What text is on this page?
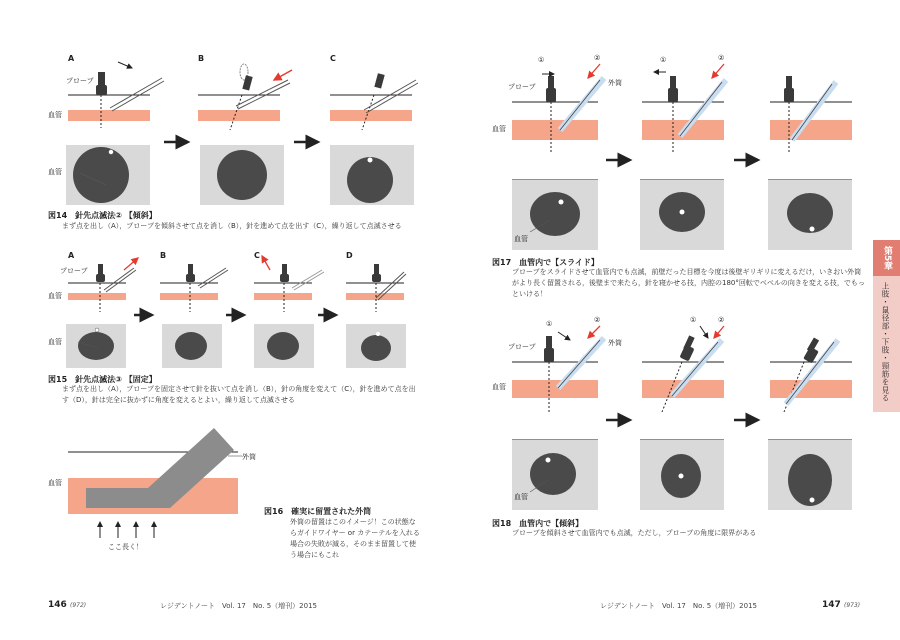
A	B	C
プローブ
血管
血管
図14　針先点滅法② 【傾斜】
まず点を出し（A），プローブを傾斜させて点を消し（B），針を進めて点を出す（C），繰り返して点滅させる
A	B	C	D
プローブ
血管
血管
図15　針先点滅法③ 【固定】
まず点を出し（A），プローブを固定させて針を抜いて点を消し（B），針の角度を変えて（C），針を進めて点を出
す（D），針は完全に抜かずに角度を変えるとよい，繰り返して点滅させる
外筒
血管
ここ長く！
図16　確実に留置された外筒
外筒の留置はこのイメージ！この状態な
らガイドワイヤー or カテーテルを入れる
場合の失敗が減る，そのまま留置して使
う場合にもこれ
146 (972)	レジデントノート　Vol. 17　No. 5（増刊）2015
①	②	①	②
外筒
プローブ
血管
血管
図17　血管内で【スライド】
プローブをスライドさせて血管内でも点滅，前壁だった目標を今度は後壁ギリギリに変えるだけ，いきおい外筒
がより長く留置される，後壁まで来たら，針を寝かせる技，内腔の180°回転でベベルの向きを変える技，でもっ
といける！
①	②	①	②
外筒
プローブ
血管
血管
図18　血管内で【傾斜】
プローブを傾斜させて血管内でも点滅，ただし，プローブの角度に限界がある
レジデントノート　Vol. 17　No. 5（増刊）2015	147 (973)
第5章
上肢・鼠径部・下肢・頸筋を見る
